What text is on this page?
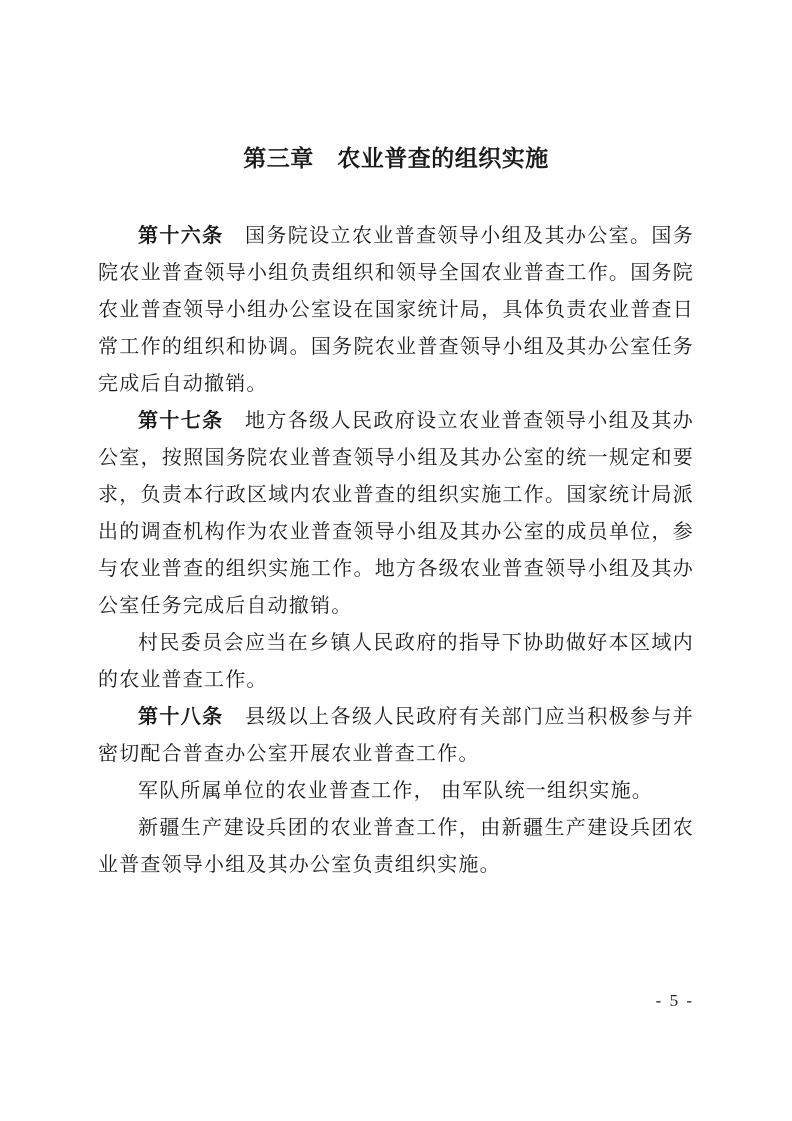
第三章　农业普查的组织实施

第十六条 国务院设立农业普查领导小组及其办公室。国务院农业普查领导小组负责组织和领导全国农业普查工作。国务院农业普查领导小组办公室设在国家统计局，具体负责农业普查日常工作的组织和协调。国务院农业普查领导小组及其办公室任务完成后自动撤销。

第十七条 地方各级人民政府设立农业普查领导小组及其办公室，按照国务院农业普查领导小组及其办公室的统一规定和要求，负责本行政区域内农业普查的组织实施工作。国家统计局派出的调查机构作为农业普查领导小组及其办公室的成员单位，参与农业普查的组织实施工作。地方各级农业普查领导小组及其办公室任务完成后自动撤销。

村民委员会应当在乡镇人民政府的指导下协助做好本区域内的农业普查工作。

第十八条 县级以上各级人民政府有关部门应当积极参与并密切配合普查办公室开展农业普查工作。

军队所属单位的农业普查工作， 由军队统一组织实施。

新疆生产建设兵团的农业普查工作，由新疆生产建设兵团农业普查领导小组及其办公室负责组织实施。

- 5 -
